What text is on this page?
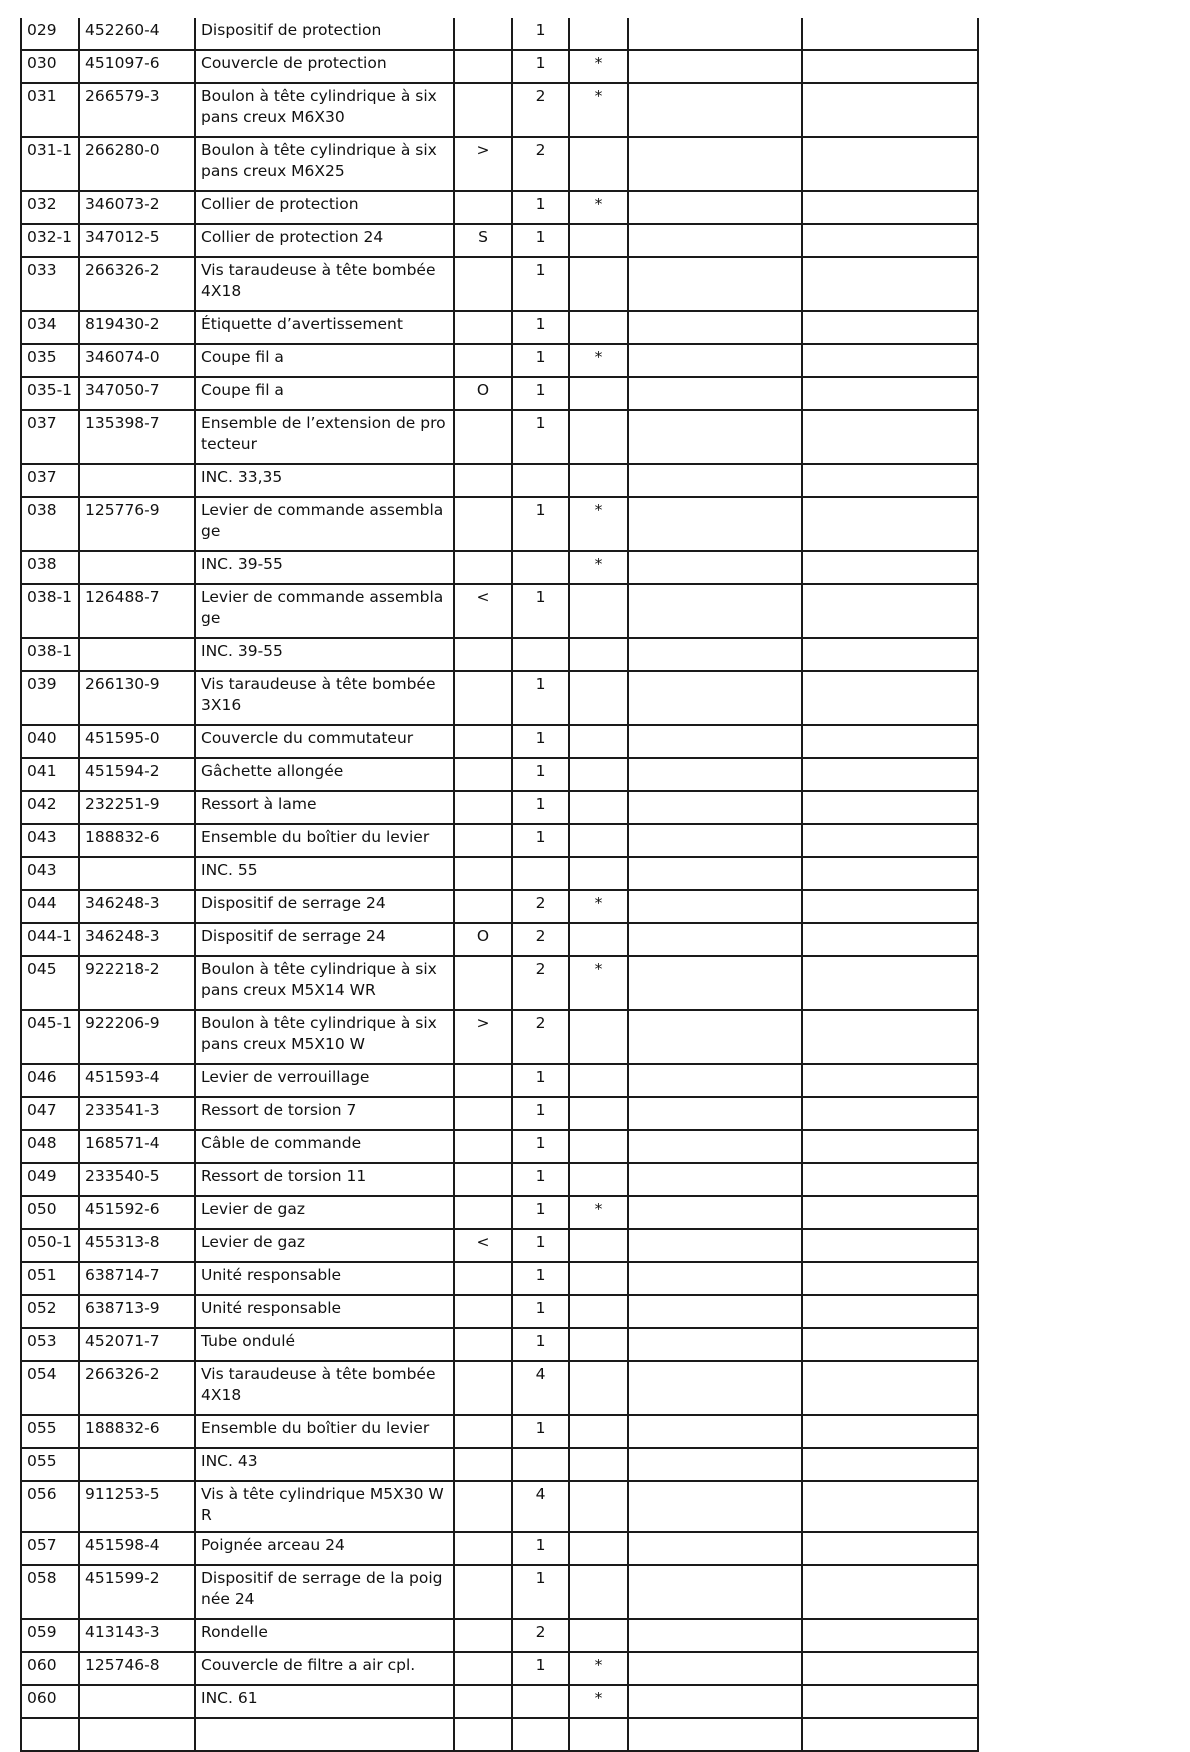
029	452260-4	Dispositif de protection		1			
030	451097-6	Couvercle de protection		1	*		
031	266579-3	Boulon à tête cylindrique à six pans creux M6X30		2	*		
031-1	266280-0	Boulon à tête cylindrique à six pans creux M6X25	>	2			
032	346073-2	Collier de protection		1	*		
032-1	347012-5	Collier de protection 24	S	1			
033	266326-2	Vis taraudeuse à tête bombée 4X18		1			
034	819430-2	Étiquette d’avertissement		1			
035	346074-0	Coupe fil a		1	*		
035-1	347050-7	Coupe fil a	O	1			
037	135398-7	Ensemble de l’extension de protecteur		1			
037		INC. 33,35					
038	125776-9	Levier de commande assemblage		1	*		
038		INC. 39-55			*		
038-1	126488-7	Levier de commande assemblage	<	1			
038-1		INC. 39-55					
039	266130-9	Vis taraudeuse à tête bombée 3X16		1			
040	451595-0	Couvercle du commutateur		1			
041	451594-2	Gâchette allongée		1			
042	232251-9	Ressort à lame		1			
043	188832-6	Ensemble du boîtier du levier		1			
043		INC. 55					
044	346248-3	Dispositif de serrage 24		2	*		
044-1	346248-3	Dispositif de serrage 24	O	2			
045	922218-2	Boulon à tête cylindrique à six pans creux M5X14 WR		2	*		
045-1	922206-9	Boulon à tête cylindrique à six pans creux M5X10 W	>	2			
046	451593-4	Levier de verrouillage		1			
047	233541-3	Ressort de torsion 7		1			
048	168571-4	Câble de commande		1			
049	233540-5	Ressort de torsion 11		1			
050	451592-6	Levier de gaz		1	*		
050-1	455313-8	Levier de gaz	<	1			
051	638714-7	Unité responsable		1			
052	638713-9	Unité responsable		1			
053	452071-7	Tube ondulé		1			
054	266326-2	Vis taraudeuse à tête bombée 4X18		4			
055	188832-6	Ensemble du boîtier du levier		1			
055		INC. 43					
056	911253-5	Vis à tête cylindrique M5X30 WR		4			
057	451598-4	Poignée arceau 24		1			
058	451599-2	Dispositif de serrage de la poignée 24		1			
059	413143-3	Rondelle		2			
060	125746-8	Couvercle de filtre a air cpl.		1	*		
060		INC. 61			*		
